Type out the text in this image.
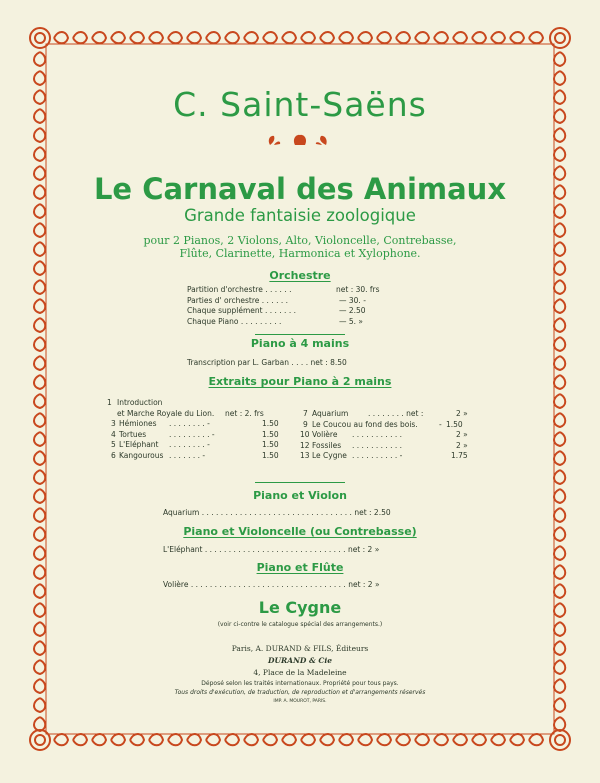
C. Saint-Saëns
Le Carnaval des Animaux
Grande fantaisie zoologique
pour 2 Pianos, 2 Violons, Alto, Violoncelle, Contrebasse,
Flûte, Clarinette, Harmonica et Xylophone.
Orchestre
Partition d'orchestre . . . . . .	net : 30. frs
Parties d' orchestre . . . . . .	— 30. -
Chaque supplément . . . . . . .	— 2.50
Chaque Piano . . . . . . . . .	— 5. »
Piano à 4 mains
Transcription par L. Garban . . . . net : 8.50
Extraits pour Piano à 2 mains
1 Introduction
et Marche Royale du Lion. net : 2. frs
3 Hémiones . . . . . . . . -	1.50
4 Tortues	. . . . . . . . . -	1.50
5 L'Eléphant . . . . . . . . -	1.50
6 Kangourous . . . . . . . -	1.50
7 Aquarium	. . . . . . . . net :	2 »
9 Le Coucou au fond des bois.	- 1.50
10 Volière . . . . . . . . . . .	2 »
12 Fossiles . . . . . . . . . . .	2 »
13 Le Cygne . . . . . . . . . . -	1.75
Piano et Violon
Aquarium . . . . . . . . . . . . . . . . . . . . . . . . . . . . . . . . net : 2.50
Piano et Violoncelle (ou Contrebasse)
L'Eléphant . . . . . . . . . . . . . . . . . . . . . . . . . . . . . . net : 2 »
Piano et Flûte
Volière . . . . . . . . . . . . . . . . . . . . . . . . . . . . . . . . . net : 2 »
Le Cygne
(voir ci-contre le catalogue spécial des arrangements.)
Paris, A. DURAND & FILS, Éditeurs
DURAND & Cie
4, Place de la Madeleine
Déposé selon les traités internationaux. Propriété pour tous pays.
Tous droits d'exécution, de traduction, de reproduction et d'arrangements réservés
IMP. A. MOUROT, PARIS.
